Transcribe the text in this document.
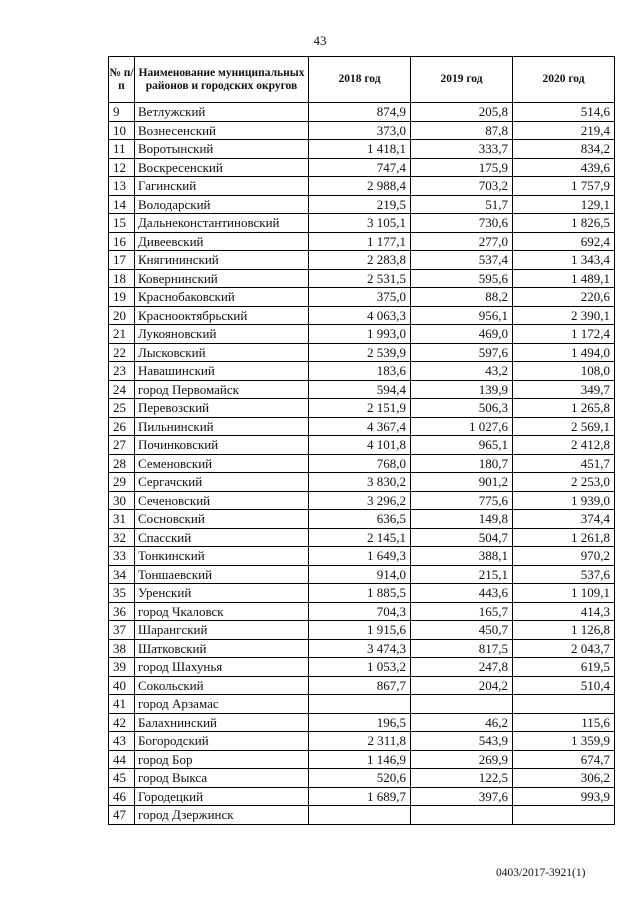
43
№ п/п	Наименование муниципальных районов и городских округов	2018 год	2019 год	2020 год
9	Ветлужский	874,9	205,8	514,6
10	Вознесенский	373,0	87,8	219,4
11	Воротынский	1 418,1	333,7	834,2
12	Воскресенский	747,4	175,9	439,6
13	Гагинский	2 988,4	703,2	1 757,9
14	Володарский	219,5	51,7	129,1
15	Дальнеконстантиновский	3 105,1	730,6	1 826,5
16	Дивеевский	1 177,1	277,0	692,4
17	Княгининский	2 283,8	537,4	1 343,4
18	Ковернинский	2 531,5	595,6	1 489,1
19	Краснобаковский	375,0	88,2	220,6
20	Краснооктябрьский	4 063,3	956,1	2 390,1
21	Лукояновский	1 993,0	469,0	1 172,4
22	Лысковский	2 539,9	597,6	1 494,0
23	Навашинский	183,6	43,2	108,0
24	город Первомайск	594,4	139,9	349,7
25	Перевозский	2 151,9	506,3	1 265,8
26	Пильнинский	4 367,4	1 027,6	2 569,1
27	Починковский	4 101,8	965,1	2 412,8
28	Семеновский	768,0	180,7	451,7
29	Сергачский	3 830,2	901,2	2 253,0
30	Сеченовский	3 296,2	775,6	1 939,0
31	Сосновский	636,5	149,8	374,4
32	Спасский	2 145,1	504,7	1 261,8
33	Тонкинский	1 649,3	388,1	970,2
34	Тоншаевский	914,0	215,1	537,6
35	Уренский	1 885,5	443,6	1 109,1
36	город Чкаловск	704,3	165,7	414,3
37	Шарангский	1 915,6	450,7	1 126,8
38	Шатковский	3 474,3	817,5	2 043,7
39	город Шахунья	1 053,2	247,8	619,5
40	Сокольский	867,7	204,2	510,4
41	город Арзамас			
42	Балахнинский	196,5	46,2	115,6
43	Богородский	2 311,8	543,9	1 359,9
44	город Бор	1 146,9	269,9	674,7
45	город Выкса	520,6	122,5	306,2
46	Городецкий	1 689,7	397,6	993,9
47	город Дзержинск			
0403/2017-3921(1)
